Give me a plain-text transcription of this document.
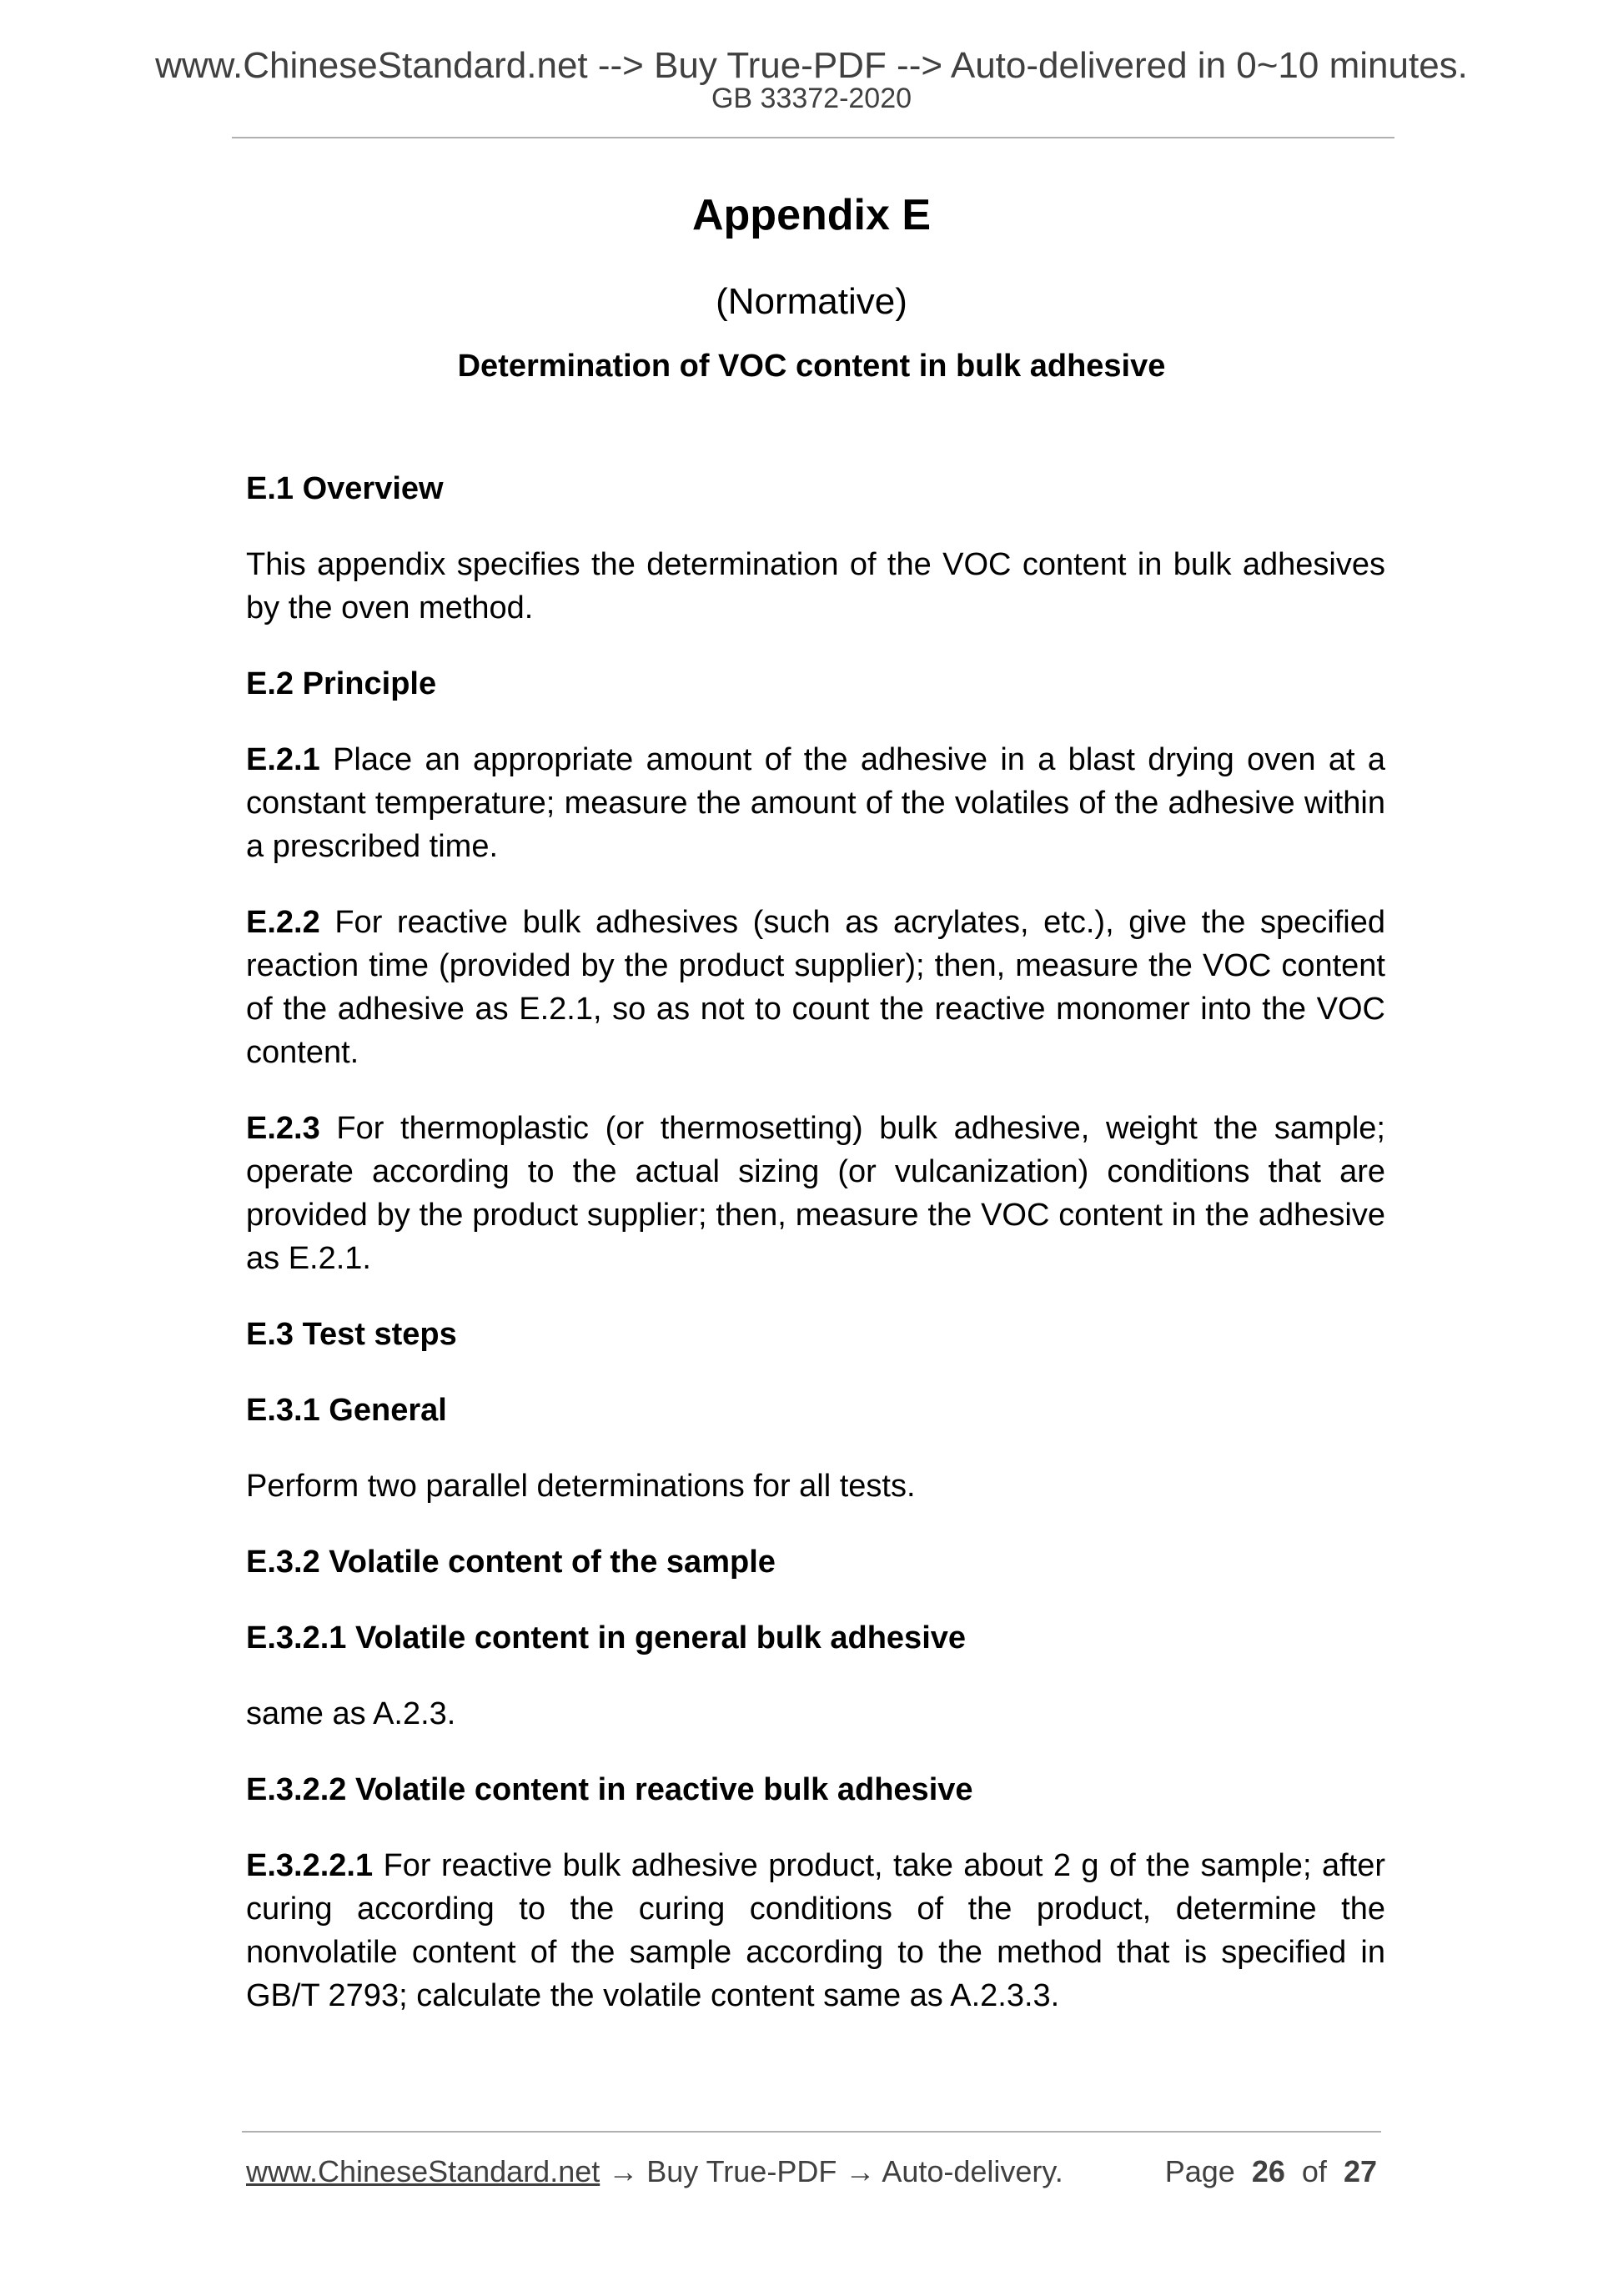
www.ChineseStandard.net --> Buy True-PDF --> Auto-delivered in 0~10 minutes.
GB 33372-2020
Appendix E
(Normative)
Determination of VOC content in bulk adhesive
E.1 Overview

This appendix specifies the determination of the VOC content in bulk adhesives by the oven method.

E.2 Principle

E.2.1 Place an appropriate amount of the adhesive in a blast drying oven at a constant temperature; measure the amount of the volatiles of the adhesive within a prescribed time.

E.2.2 For reactive bulk adhesives (such as acrylates, etc.), give the specified reaction time (provided by the product supplier); then, measure the VOC content of the adhesive as E.2.1, so as not to count the reactive monomer into the VOC content.

E.2.3 For thermoplastic (or thermosetting) bulk adhesive, weight the sample; operate according to the actual sizing (or vulcanization) conditions that are provided by the product supplier; then, measure the VOC content in the adhesive as E.2.1.

E.3 Test steps
E.3.1 General

Perform two parallel determinations for all tests.

E.3.2 Volatile content of the sample
E.3.2.1 Volatile content in general bulk adhesive

same as A.2.3.

E.3.2.2 Volatile content in reactive bulk adhesive

E.3.2.2.1 For reactive bulk adhesive product, take about 2 g of the sample; after curing according to the curing conditions of the product, determine the nonvolatile content of the sample according to the method that is specified in GB/T 2793; calculate the volatile content same as A.2.3.3.

www.ChineseStandard.net → Buy True-PDF → Auto-delivery.	Page 26 of 27
